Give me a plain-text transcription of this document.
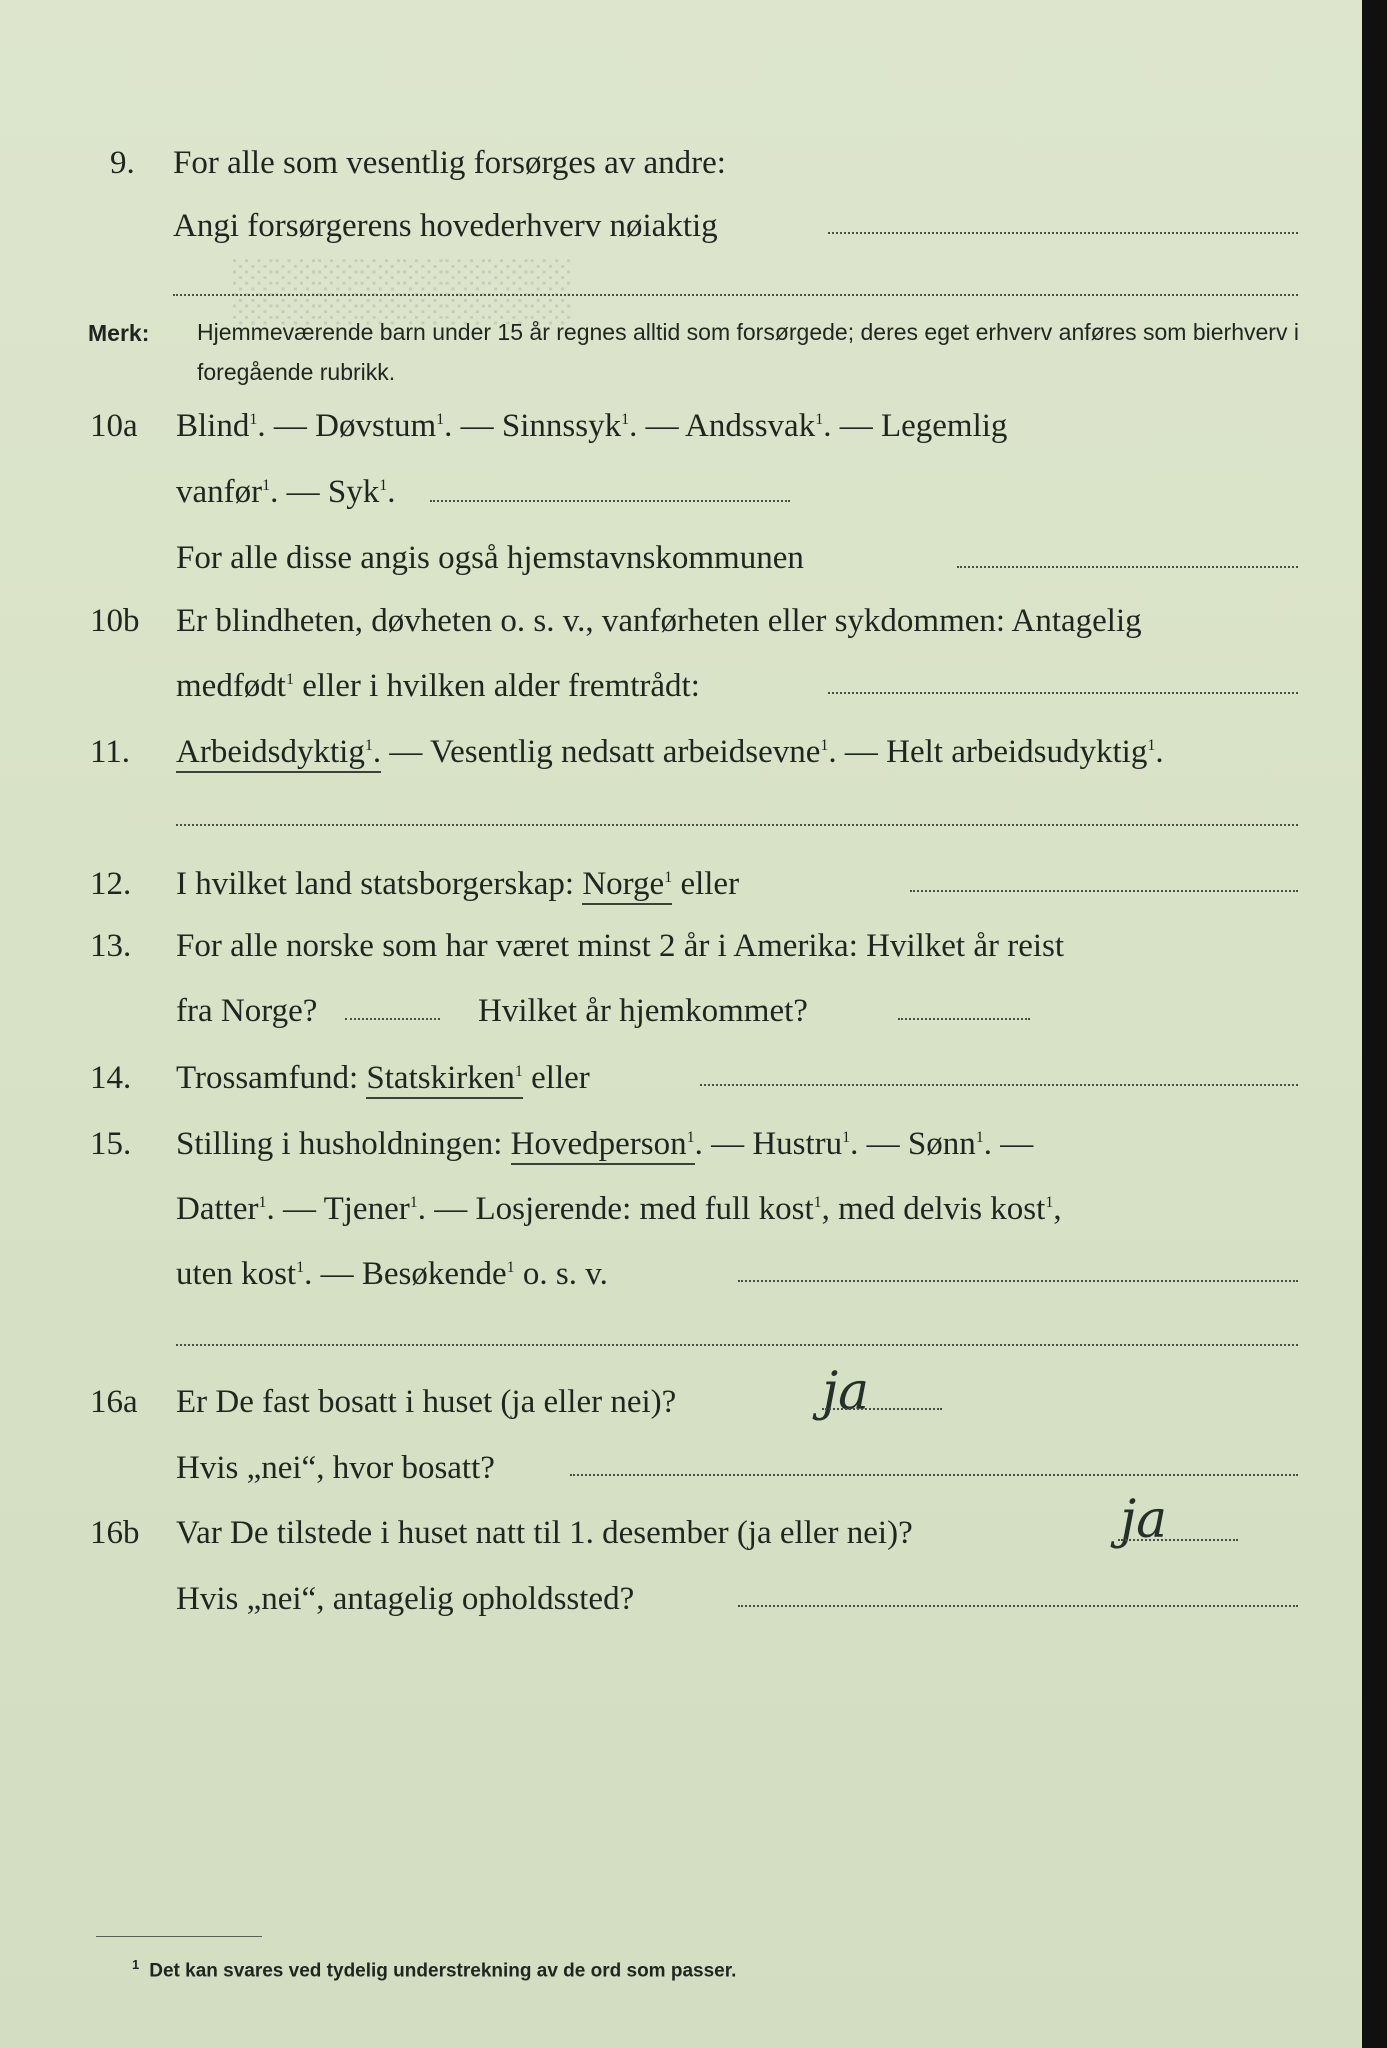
░░░░░░░░
9. For alle som vesentlig forsørges av andre:
Angi forsørgerens hovederhverv nøiaktig
Merk: Hjemmeværende barn under 15 år regnes alltid som forsørgede; deres eget erhverv anføres som bierhverv i foregående rubrikk.
10a Blind$^1$. — Døvstum$^1$. — Sinnssyk$^1$. — Andssvak$^1$. — Legemlig
vanfør$^1$. — Syk$^1$.
For alle disse angis også hjemstavnskommunen
10b Er blindheten, døvheten o. s. v., vanførheten eller sykdommen: Antagelig
medfødt$^1$ eller i hvilken alder fremtrådt:
11. Arbeidsdyktig$^1$. — Vesentlig nedsatt arbeidsevne$^1$. — Helt arbeidsudyktig$^1$.
12. I hvilket land statsborgerskap: Norge$^1$ eller
13. For alle norske som har været minst 2 år i Amerika: Hvilket år reist
fra Norge?	Hvilket år hjemkommet?
14. Trossamfund: Statskirken$^1$ eller
15. Stilling i husholdningen: Hovedperson$^1$. — Hustru$^1$. — Sønn$^1$. —
Datter$^1$. — Tjener$^1$. — Losjerende: med full kost$^1$, med delvis kost$^1$,
uten kost$^1$. — Besøkende$^1$ o. s. v.
16a Er De fast bosatt i huset (ja eller nei)?	ja
Hvis „nei“, hvor bosatt?
16b Var De tilstede i huset natt til 1. desember (ja eller nei)?	ja
Hvis „nei“, antagelig opholdssted?
$^1$ Det kan svares ved tydelig understrekning av de ord som passer.
